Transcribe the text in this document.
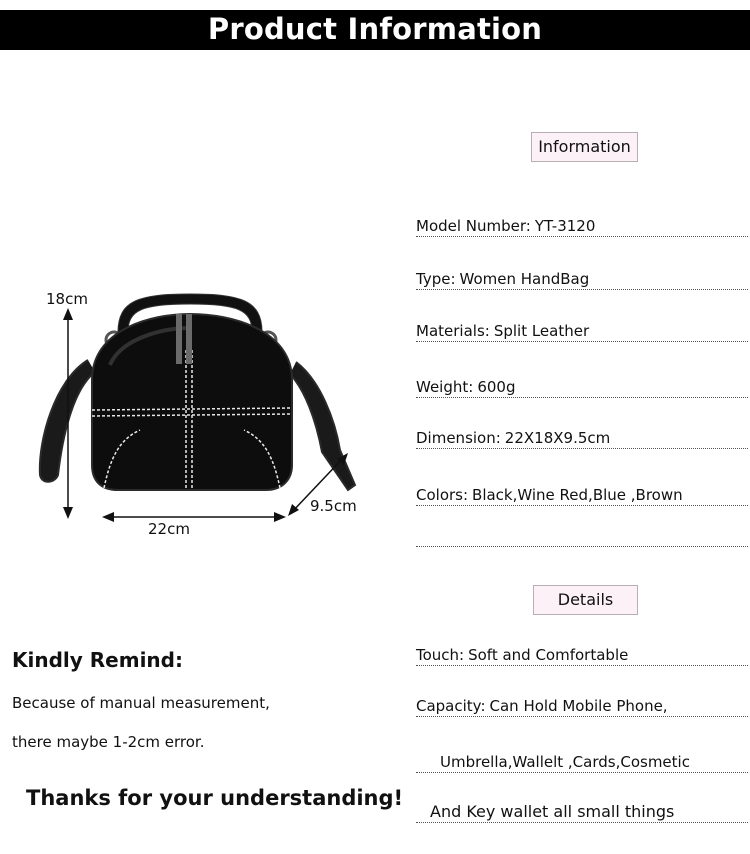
Product Information
Information
Model Number: YT-3120
Type: Women HandBag
Materials: Split Leather
Weight: 600g
Dimension: 22X18X9.5cm
Colors: Black,Wine Red,Blue ,Brown
Details
Touch: Soft and Comfortable
Capacity: Can Hold Mobile Phone,
Umbrella,Wallelt ,Cards,Cosmetic
And Key wallet all small things
18cm
22cm
9.5cm
Kindly Remind:
Because of manual measurement,
there maybe 1-2cm error.
Thanks for your understanding!
